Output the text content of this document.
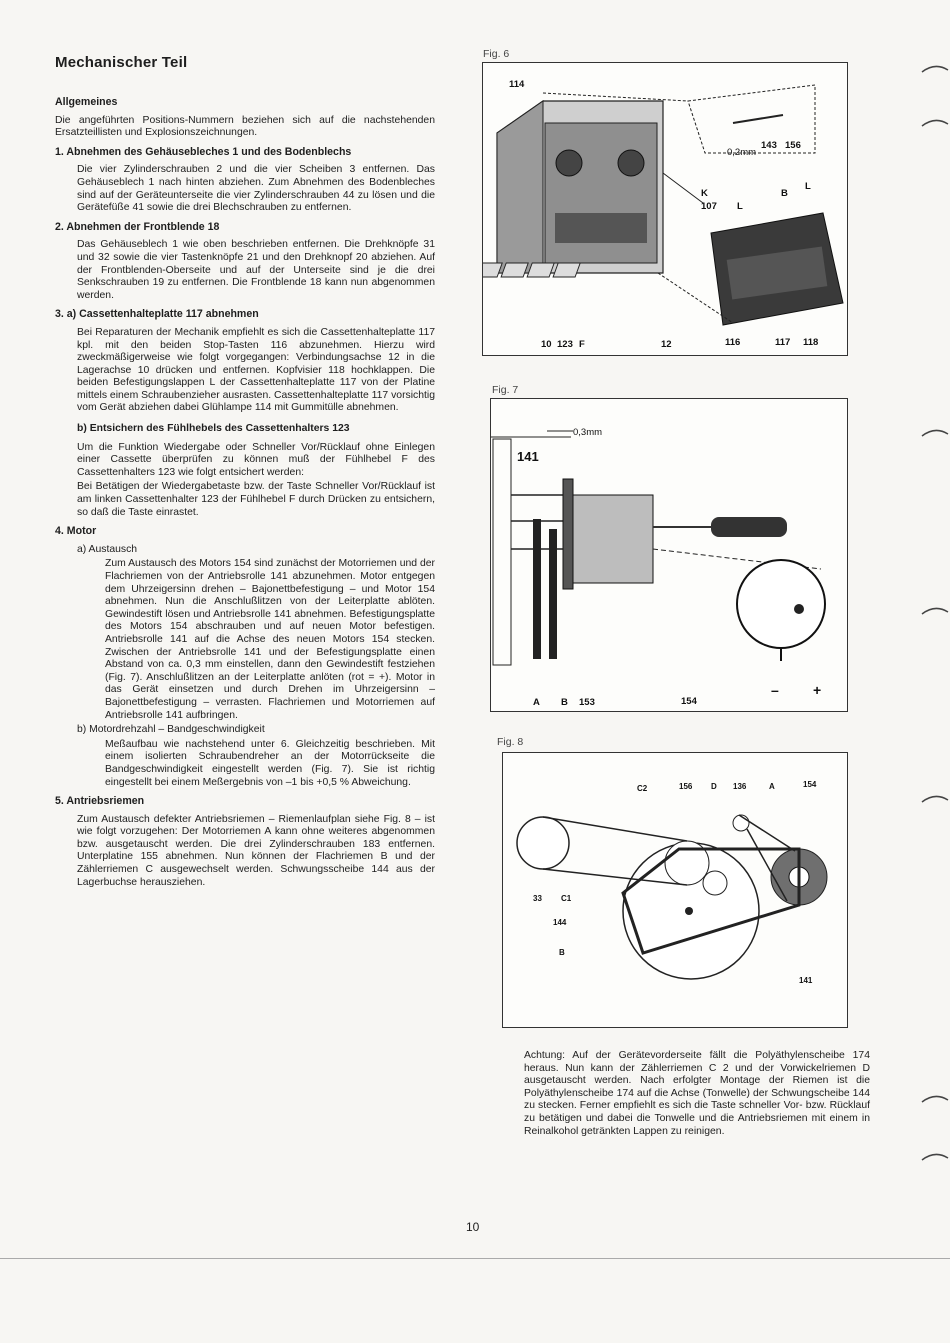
Mechanischer Teil

Allgemeines

Die angeführten Positions-Nummern beziehen sich auf die nachstehenden Ersatzteillisten und Explosionszeichnungen.

1. Abnehmen des Gehäusebleches 1 und des Bodenblechs

Die vier Zylinderschrauben 2 und die vier Scheiben 3 entfernen. Das Gehäuseblech 1 nach hinten abziehen. Zum Abnehmen des Bodenbleches sind auf der Geräteunterseite die vier Zylinderschrauben 44 zu lösen und die Gerätefüße 41 sowie die drei Blechschrauben zu entfernen.

2. Abnehmen der Frontblende 18

Das Gehäuseblech 1 wie oben beschrieben entfernen. Die Drehknöpfe 31 und 32 sowie die vier Tastenknöpfe 21 und den Drehknopf 20 abziehen. Auf der Frontblenden-Oberseite und auf der Unterseite sind je die drei Senkschrauben 19 zu entfernen. Die Frontblende 18 kann nun abgenommen werden.

3. a) Cassettenhalteplatte 117 abnehmen

Bei Reparaturen der Mechanik empfiehlt es sich die Cassettenhalteplatte 117 kpl. mit den beiden Stop-Tasten 116 abzunehmen. Hierzu wird zweckmäßigerweise wie folgt vorgegangen: Verbindungsachse 12 in die Lagerachse 10 drücken und entfernen. Kopfvisier 118 hochklappen. Die beiden Befestigungslappen L der Cassettenhalteplatte 117 von der Platine mittels einem Schraubenzieher ausrasten. Cassettenhalteplatte 117 vorsichtig vom Gerät abziehen dabei Glühlampe 114 mit Gummitülle abnehmen.

b) Entsichern des Fühlhebels des Cassettenhalters 123

Um die Funktion Wiedergabe oder Schneller Vor/Rücklauf ohne Einlegen einer Cassette überprüfen zu können muß der Fühlhebel F des Cassettenhalters 123 wie folgt entsichert werden:

Bei Betätigen der Wiedergabetaste bzw. der Taste Schneller Vor/Rücklauf ist am linken Cassettenhalter 123 der Fühlhebel F durch Drücken zu entsichern, so daß die Taste einrastet.

4. Motor

a) Austausch

Zum Austausch des Motors 154 sind zunächst der Motorriemen und der Flachriemen von der Antriebsrolle 141 abzunehmen. Motor entgegen dem Uhrzeigersinn drehen – Bajonettbefestigung – und Motor 154 abnehmen. Nun die Anschlußlitzen von der Leiterplatte ablöten. Gewindestift lösen und Antriebsrolle 141 abnehmen. Befestigungsplatte des Motors 154 abschrauben und auf neuen Motor befestigen. Antriebsrolle 141 auf die Achse des neuen Motors 154 stecken. Zwischen der Antriebsrolle 141 und der Befestigungsplatte einen Abstand von ca. 0,3 mm einstellen, dann den Gewindestift festziehen (Fig. 7). Anschlußlitzen an der Leiterplatte anlöten (rot = +). Motor in das Gerät einsetzen und durch Drehen im Uhrzeigersinn – Bajonettbefestigung – verrasten. Flachriemen und Motorriemen auf Antriebsrolle 141 aufbringen.

b) Motordrehzahl – Bandgeschwindigkeit

Meßaufbau wie nachstehend unter 6. Gleichzeitig beschrieben. Mit einem isolierten Schraubendreher an der Motorrückseite die Bandgeschwindigkeit eingestellt werden (Fig. 7). Sie ist richtig eingestellt bei einem Meßergebnis von –1 bis +0,5 % Abweichung.

5. Antriebsriemen

Zum Austausch defekter Antriebsriemen – Riemenlaufplan siehe Fig. 8 – ist wie folgt vorzugehen: Der Motorriemen A kann ohne weiteres abgenommen bzw. ausgetauscht werden. Die drei Zylinderschrauben 183 entfernen. Unterplatine 155 abnehmen. Nun können der Flachriemen B und der Zählerriemen C ausgewechselt werden. Schwungsscheibe 144 aus der Lagerbuchse herausziehen.

Fig. 6
114
0,2mm
143 156
K
107
B
L
L
10 123 F	12	116	117 118
Fig. 7
0,3mm
141
A B 153	154
– +
Fig. 8
C2	156 D 136	A	154
33 C1
144
B
141

Achtung: Auf der Gerätevorderseite fällt die Polyäthylenscheibe 174 heraus. Nun kann der Zählerriemen C 2 und der Vorwickelriemen D ausgetauscht werden. Nach erfolgter Montage der Riemen ist die Polyäthylenscheibe 174 auf die Achse (Tonwelle) der Schwungscheibe 144 zu stecken. Ferner empfiehlt es sich die Taste schneller Vor- bzw. Rücklauf zu betätigen und dabei die Tonwelle und die Antriebsriemen mit einem in Reinalkohol getränkten Lappen zu reinigen.

10
